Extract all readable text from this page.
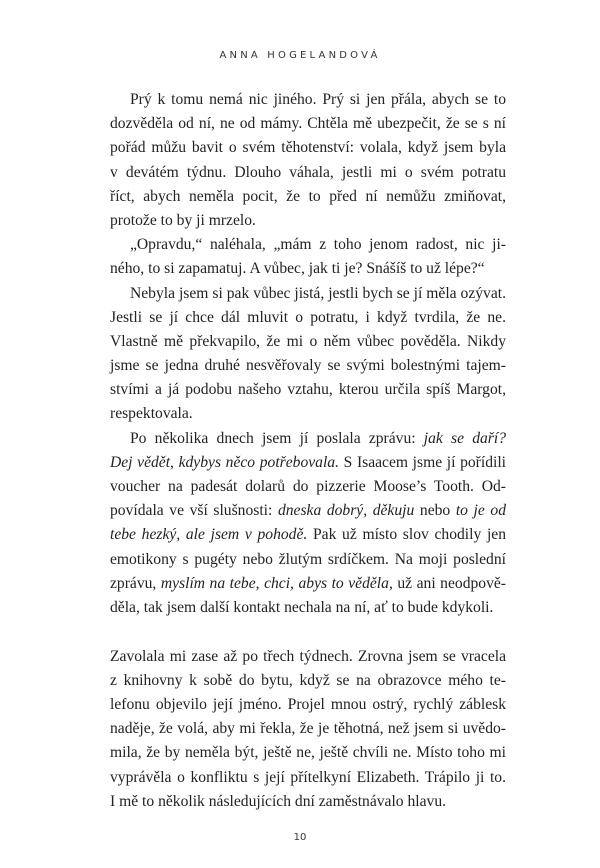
ANNA HOGELANDOVÁ
Prý k tomu nemá nic jiného. Prý si jen přála, abych se to
dozvěděla od ní, ne od mámy. Chtěla mě ubezpečit, že se s ní
pořád můžu bavit o svém těhotenství: volala, když jsem byla
v devátém týdnu. Dlouho váhala, jestli mi o svém potratu
říct, abych neměla pocit, že to před ní nemůžu zmiňovat,
protože to by ji mrzelo.
„Opravdu,“ naléhala, „mám z toho jenom radost, nic ji-
ného, to si zapamatuj. A vůbec, jak ti je? Snášíš to už lépe?“
Nebyla jsem si pak vůbec jistá, jestli bych se jí měla ozývat.
Jestli se jí chce dál mluvit o potratu, i když tvrdila, že ne.
Vlastně mě překvapilo, že mi o něm vůbec pověděla. Nikdy
jsme se jedna druhé nesvěřovaly se svými bolestnými tajem-
stvími a já podobu našeho vztahu, kterou určila spíš Margot,
respektovala.
Po několika dnech jsem jí poslala zprávu: jak se daří?
Dej vědět, kdybys něco potřebovala. S Isaacem jsme jí pořídili
voucher na padesát dolarů do pizzerie Moose’s Tooth. Od-
povídala ve vší slušnosti: dneska dobrý, děkuju nebo to je od
tebe hezký, ale jsem v pohodě. Pak už místo slov chodily jen
emotikony s pugéty nebo žlutým srdíčkem. Na moji poslední
zprávu, myslím na tebe, chci, abys to věděla, už ani neodpově-
děla, tak jsem další kontakt nechala na ní, ať to bude kdykoli.
Zavolala mi zase až po třech týdnech. Zrovna jsem se vracela
z knihovny k sobě do bytu, když se na obrazovce mého te-
lefonu objevilo její jméno. Projel mnou ostrý, rychlý záblesk
naděje, že volá, aby mi řekla, že je těhotná, než jsem si uvědo-
mila, že by neměla být, ještě ne, ještě chvíli ne. Místo toho mi
vyprávěla o konfliktu s její přítelkyní Elizabeth. Trápilo ji to.
I mě to několik následujících dní zaměstnávalo hlavu.
10
